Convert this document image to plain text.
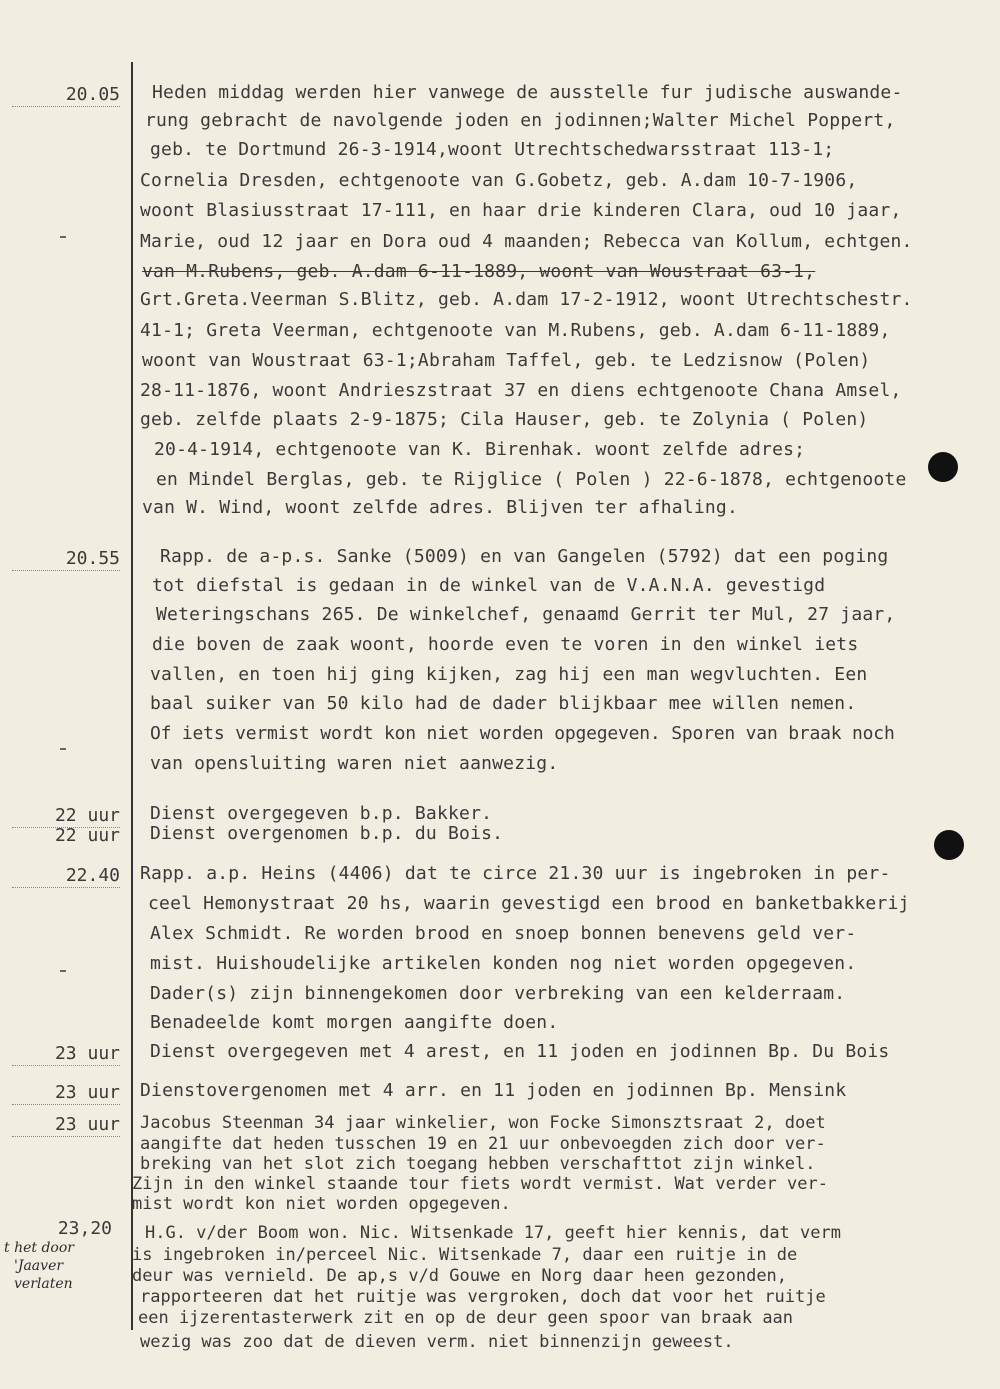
20.05 Heden middag werden hier vanwege de ausstelle fur judische auswande-
rung gebracht de navolgende joden en jodinnen;Walter Michel Poppert,
geb. te Dortmund 26-3-1914,woont Utrechtschedwarsstraat 113-1;
Cornelia Dresden, echtgenoote van G.Gobetz, geb. A.dam 10-7-1906,
woont Blasiusstraat 17-111, en haar drie kinderen Clara, oud 10 jaar,
Marie, oud 12 jaar en Dora oud 4 maanden; Rebecca van Kollum, echtgen.
van M.Rubens, geb. A.dam 6-11-1889, woont van Woustraat 63-1,
Grt.Greta.Veerman S.Blitz, geb. A.dam 17-2-1912, woont Utrechtschestr.
41-1; Greta Veerman, echtgenoote van M.Rubens, geb. A.dam 6-11-1889,
woont van Woustraat 63-1;Abraham Taffel, geb. te Ledzisnow (Polen)
28-11-1876, woont Andrieszstraat 37 en diens echtgenoote Chana Amsel,
geb. zelfde plaats 2-9-1875; Cila Hauser, geb. te Zolynia ( Polen)
20-4-1914, echtgenoote van K. Birenhak. woont zelfde adres;
en Mindel Berglas, geb. te Rijglice ( Polen ) 22-6-1878, echtgenoote
van W. Wind, woont zelfde adres. Blijven ter afhaling.
20.55 Rapp. de a-p.s. Sanke (5009) en van Gangelen (5792) dat een poging
tot diefstal is gedaan in de winkel van de V.A.N.A. gevestigd
Weteringschans 265. De winkelchef, genaamd Gerrit ter Mul, 27 jaar,
die boven de zaak woont, hoorde even te voren in den winkel iets
vallen, en toen hij ging kijken, zag hij een man wegvluchten. Een
baal suiker van 50 kilo had de dader blijkbaar mee willen nemen.
Of iets vermist wordt kon niet worden opgegeven. Sporen van braak noch
van opensluiting waren niet aanwezig.
22 uur Dienst overgegeven b.p. Bakker.
22 uur Dienst overgenomen b.p. du Bois.
22.40 Rapp. a.p. Heins (4406) dat te circe 21.30 uur is ingebroken in per-
ceel Hemonystraat 20 hs, waarin gevestigd een brood en banketbakkerij
Alex Schmidt. Re worden brood en snoep bonnen benevens geld ver-
mist. Huishoudelijke artikelen konden nog niet worden opgegeven.
Dader(s) zijn binnengekomen door verbreking van een kelderraam.
Benadeelde komt morgen aangifte doen.
23 uur Dienst overgegeven met 4 arest, en 11 joden en jodinnen Bp. Du Bois
23 uur Dienstovergenomen met 4 arr. en 11 joden en jodinnen Bp. Mensink
23 uur Jacobus Steenman 34 jaar winkelier, won Focke Simonsztsraat 2, doet
aangifte dat heden tusschen 19 en 21 uur onbevoegden zich door ver-
breking van het slot zich toegang hebben verschafttot zijn winkel.
Zijn in den winkel staande tour fiets wordt vermist. Wat verder ver-
mist wordt kon niet worden opgegeven.
23,20 H.G. v/der Boom won. Nic. Witsenkade 17, geeft hier kennis, dat verm
is ingebroken in/perceel Nic. Witsenkade 7, daar een ruitje in de
deur was vernield. De ap,s v/d Gouwe en Norg daar heen gezonden,
rapporteeren dat het ruitje was vergroken, doch dat voor het ruitje
een ijzerentasterwerk zit en op de deur geen spoor van braak aan
wezig was zoo dat de dieven verm. niet binnenzijn geweest.
t het door
'Jaaver
verlaten
